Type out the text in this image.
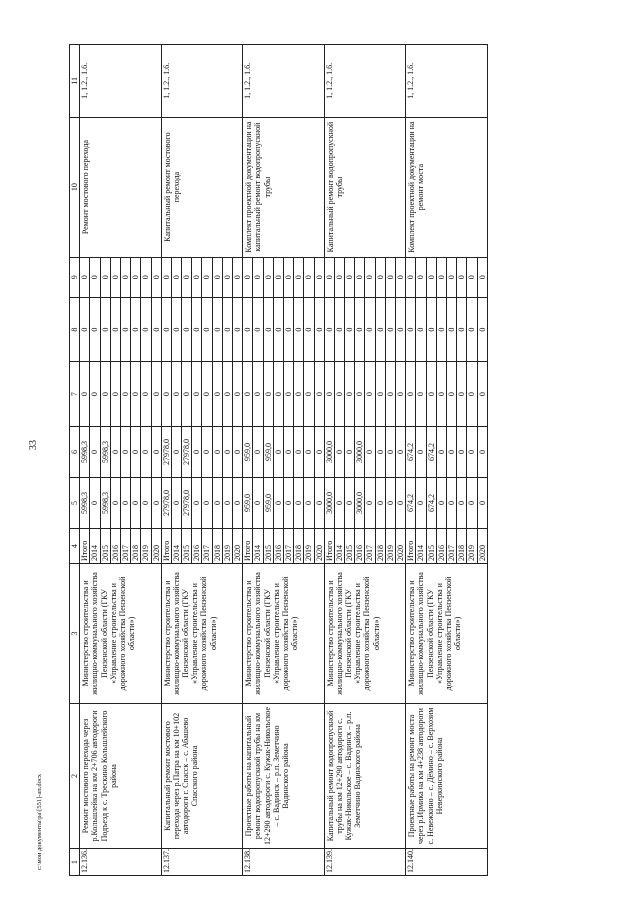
33
c:\мои документы\ра\[551]-ап.docx	1	2	3	4	5	6	7	8	9	10	11
12.136.	Ремонт мостового перехода через р.Кольшлейка на км 2+706 автодороги Подъезд к с. Трескино Кольшлейского района	Министерство строительства и жилищно-коммунального хозяйства Пензенской области (ГКУ «Управление строительства и дорожного хозяйства Пензенской области»)	Итого	5998,3	5998,3	0	0	0	Ремонт мостового перехода	1, 1.2., 1.6.
			2014	0	0	0	0	0		
			2015	5998,3	5998,3	0	0	0		
			2016	0	0	0	0	0		
			2017	0	0	0	0	0		
			2018	0	0	0	0	0		
			2019	0	0	0	0	0		
			2020	0	0	0	0	0		
12.137.	Капитальный ремонт мостового перехода через р.Патра на км 10+102 автодороги г. Спасск – с. Абашево Спасского района	Министерство строительства и жилищно-коммунального хозяйства Пензенской области (ГКУ «Управление строительства и дорожного хозяйства Пензенской области»)	Итого	27978,0	27978,0	0	0	0	Капитальный ремонт мостового перехода	1, 1.2., 1.6.
			2014	0	0	0	0	0		
			2015	27978,0	27978,0	0	0	0		
			2016	0	0	0	0	0		
			2017	0	0	0	0	0		
			2018	0	0	0	0	0		
			2019	0	0	0	0	0		
			2020	0	0	0	0	0		
12.138.	Проектные работы на капитальный ремонт водопропускной трубы на км 12+290 автодороги с. Кужак-Никольское – с. Вадинск – р.п. Земетчино Вадинского района	Министерство строительства и жилищно-коммунального хозяйства Пензенской области (ГКУ «Управление строительства и дорожного хозяйства Пензенской области»)	Итого	959,0	959,0	0	0	0	Комплект проектной документации на капитальный ремонт водопропускной трубы	1, 1.2., 1.6.
			2014	0	0	0	0	0		
			2015	959,0	959,0	0	0	0		
			2016	0	0	0	0	0		
			2017	0	0	0	0	0		
			2018	0	0	0	0	0		
			2019	0	0	0	0	0		
			2020	0	0	0	0	0		
12.139.	Капитальный ремонт водопропускной трубы на км 12+290 автодороги с. Кужак-Никольское – с. Вадинск – р.п. Земетчино Вадинского района	Министерство строительства и жилищно-коммунального хозяйства Пензенской области (ГКУ «Управление строительства и дорожного хозяйства Пензенской области»)	Итого	3000,0	3000,0	0	0	0	Капитальный ремонт водопропускной трубы	1, 1.2., 1.6.
			2014	0	0	0	0	0		
			2015	0	0	0	0	0		
			2016	3000,0	3000,0	0	0	0		
			2017	0	0	0	0	0		
			2018	0	0	0	0	0		
			2019	0	0	0	0	0		
			2020	0	0	0	0	0		
12.140.	Проектные работы на ремонт моста через р.Ирмика на км 4+238 автодороги с. Невежкино – с. Дёмино – с. Верхозим Неверкинского района	Министерство строительства и жилищно-коммунального хозяйства Пензенской области (ГКУ «Управление строительства и дорожного хозяйства Пензенской области»)	Итого	674,2	674,2	0	0	0	Комплект проектной документации на ремонт моста	1, 1.2., 1.6.
			2014	0	0	0	0	0		
			2015	674,2	674,2	0	0	0		
			2016	0	0	0	0	0		
			2017	0	0	0	0	0		
			2018	0	0	0	0	0		
			2019	0	0	0	0	0		
			2020	0	0	0	0	0		
